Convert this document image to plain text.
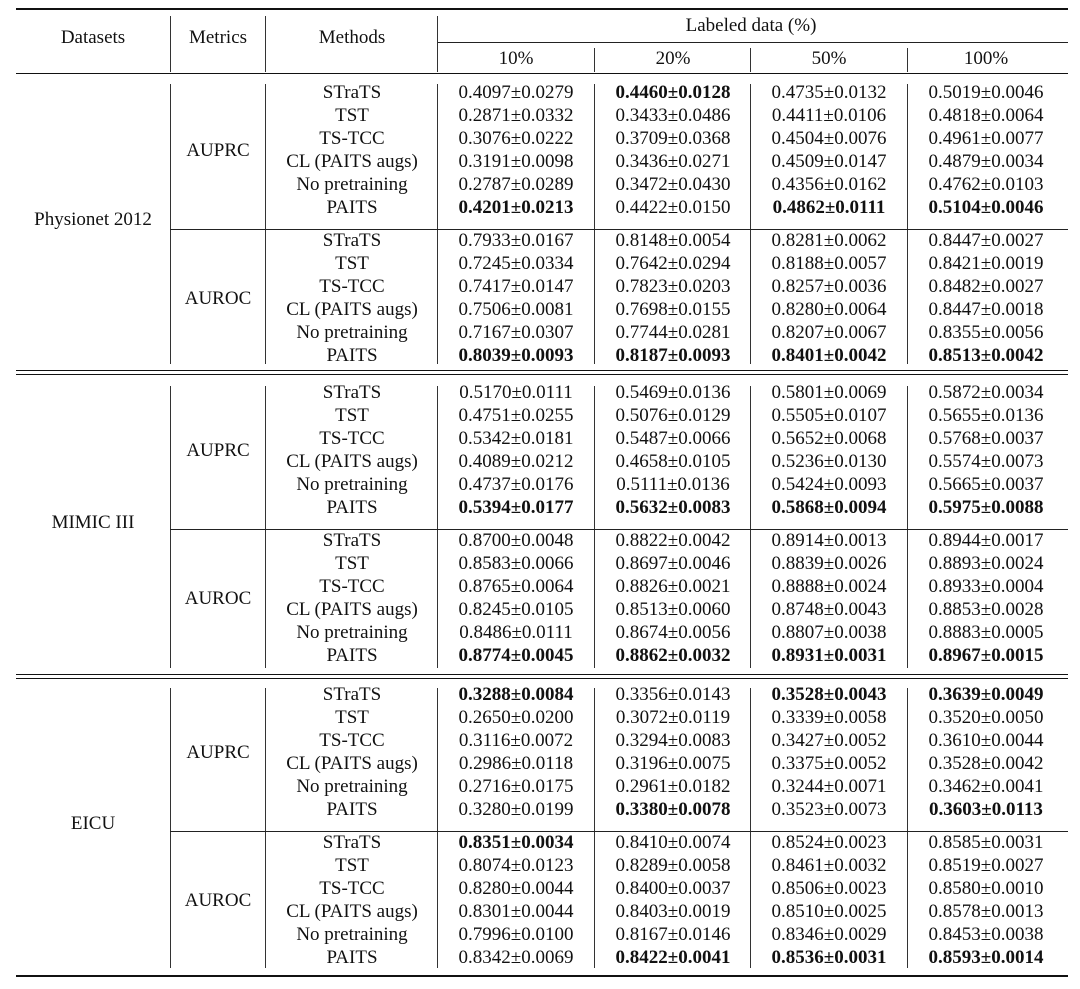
Datasets	Metrics	Methods
Labeled data (%)
10%	20%	50%	100%
Physionet 2012
AUPRC
STraTS	0.4097±0.0279 0.4460±0.0128 0.4735±0.0132 0.5019±0.0046
TST	0.2871±0.0332 0.3433±0.0486 0.4411±0.0106 0.4818±0.0064
TS-TCC	0.3076±0.0222 0.3709±0.0368 0.4504±0.0076 0.4961±0.0077
CL (PAITS augs) 0.3191±0.0098 0.3436±0.0271 0.4509±0.0147 0.4879±0.0034
No pretraining	0.2787±0.0289 0.3472±0.0430 0.4356±0.0162 0.4762±0.0103
PAITS	0.4201±0.0213 0.4422±0.0150 0.4862±0.0111 0.5104±0.0046
AUROC
STraTS	0.7933±0.0167 0.8148±0.0054 0.8281±0.0062 0.8447±0.0027
TST	0.7245±0.0334 0.7642±0.0294 0.8188±0.0057 0.8421±0.0019
TS-TCC	0.7417±0.0147 0.7823±0.0203 0.8257±0.0036 0.8482±0.0027
CL (PAITS augs) 0.7506±0.0081 0.7698±0.0155 0.8280±0.0064 0.8447±0.0018
No pretraining	0.7167±0.0307 0.7744±0.0281 0.8207±0.0067 0.8355±0.0056
PAITS	0.8039±0.0093 0.8187±0.0093 0.8401±0.0042 0.8513±0.0042
MIMIC III
AUPRC
STraTS	0.5170±0.0111 0.5469±0.0136 0.5801±0.0069 0.5872±0.0034
TST	0.4751±0.0255 0.5076±0.0129 0.5505±0.0107 0.5655±0.0136
TS-TCC	0.5342±0.0181 0.5487±0.0066 0.5652±0.0068 0.5768±0.0037
CL (PAITS augs) 0.4089±0.0212 0.4658±0.0105 0.5236±0.0130 0.5574±0.0073
No pretraining	0.4737±0.0176 0.5111±0.0136 0.5424±0.0093 0.5665±0.0037
PAITS	0.5394±0.0177 0.5632±0.0083 0.5868±0.0094 0.5975±0.0088
AUROC
STraTS	0.8700±0.0048 0.8822±0.0042 0.8914±0.0013 0.8944±0.0017
TST	0.8583±0.0066 0.8697±0.0046 0.8839±0.0026 0.8893±0.0024
TS-TCC	0.8765±0.0064 0.8826±0.0021 0.8888±0.0024 0.8933±0.0004
CL (PAITS augs) 0.8245±0.0105 0.8513±0.0060 0.8748±0.0043 0.8853±0.0028
No pretraining	0.8486±0.0111 0.8674±0.0056 0.8807±0.0038 0.8883±0.0005
PAITS	0.8774±0.0045 0.8862±0.0032 0.8931±0.0031 0.8967±0.0015
EICU
AUPRC
STraTS	0.3288±0.0084 0.3356±0.0143 0.3528±0.0043 0.3639±0.0049
TST	0.2650±0.0200 0.3072±0.0119 0.3339±0.0058 0.3520±0.0050
TS-TCC	0.3116±0.0072 0.3294±0.0083 0.3427±0.0052 0.3610±0.0044
CL (PAITS augs) 0.2986±0.0118 0.3196±0.0075 0.3375±0.0052 0.3528±0.0042
No pretraining	0.2716±0.0175 0.2961±0.0182 0.3244±0.0071 0.3462±0.0041
PAITS	0.3280±0.0199 0.3380±0.0078 0.3523±0.0073 0.3603±0.0113
AUROC
STraTS	0.8351±0.0034 0.8410±0.0074 0.8524±0.0023 0.8585±0.0031
TST	0.8074±0.0123 0.8289±0.0058 0.8461±0.0032 0.8519±0.0027
TS-TCC	0.8280±0.0044 0.8400±0.0037 0.8506±0.0023 0.8580±0.0010
CL (PAITS augs) 0.8301±0.0044 0.8403±0.0019 0.8510±0.0025 0.8578±0.0013
No pretraining	0.7996±0.0100 0.8167±0.0146 0.8346±0.0029 0.8453±0.0038
PAITS	0.8342±0.0069 0.8422±0.0041 0.8536±0.0031 0.8593±0.0014
